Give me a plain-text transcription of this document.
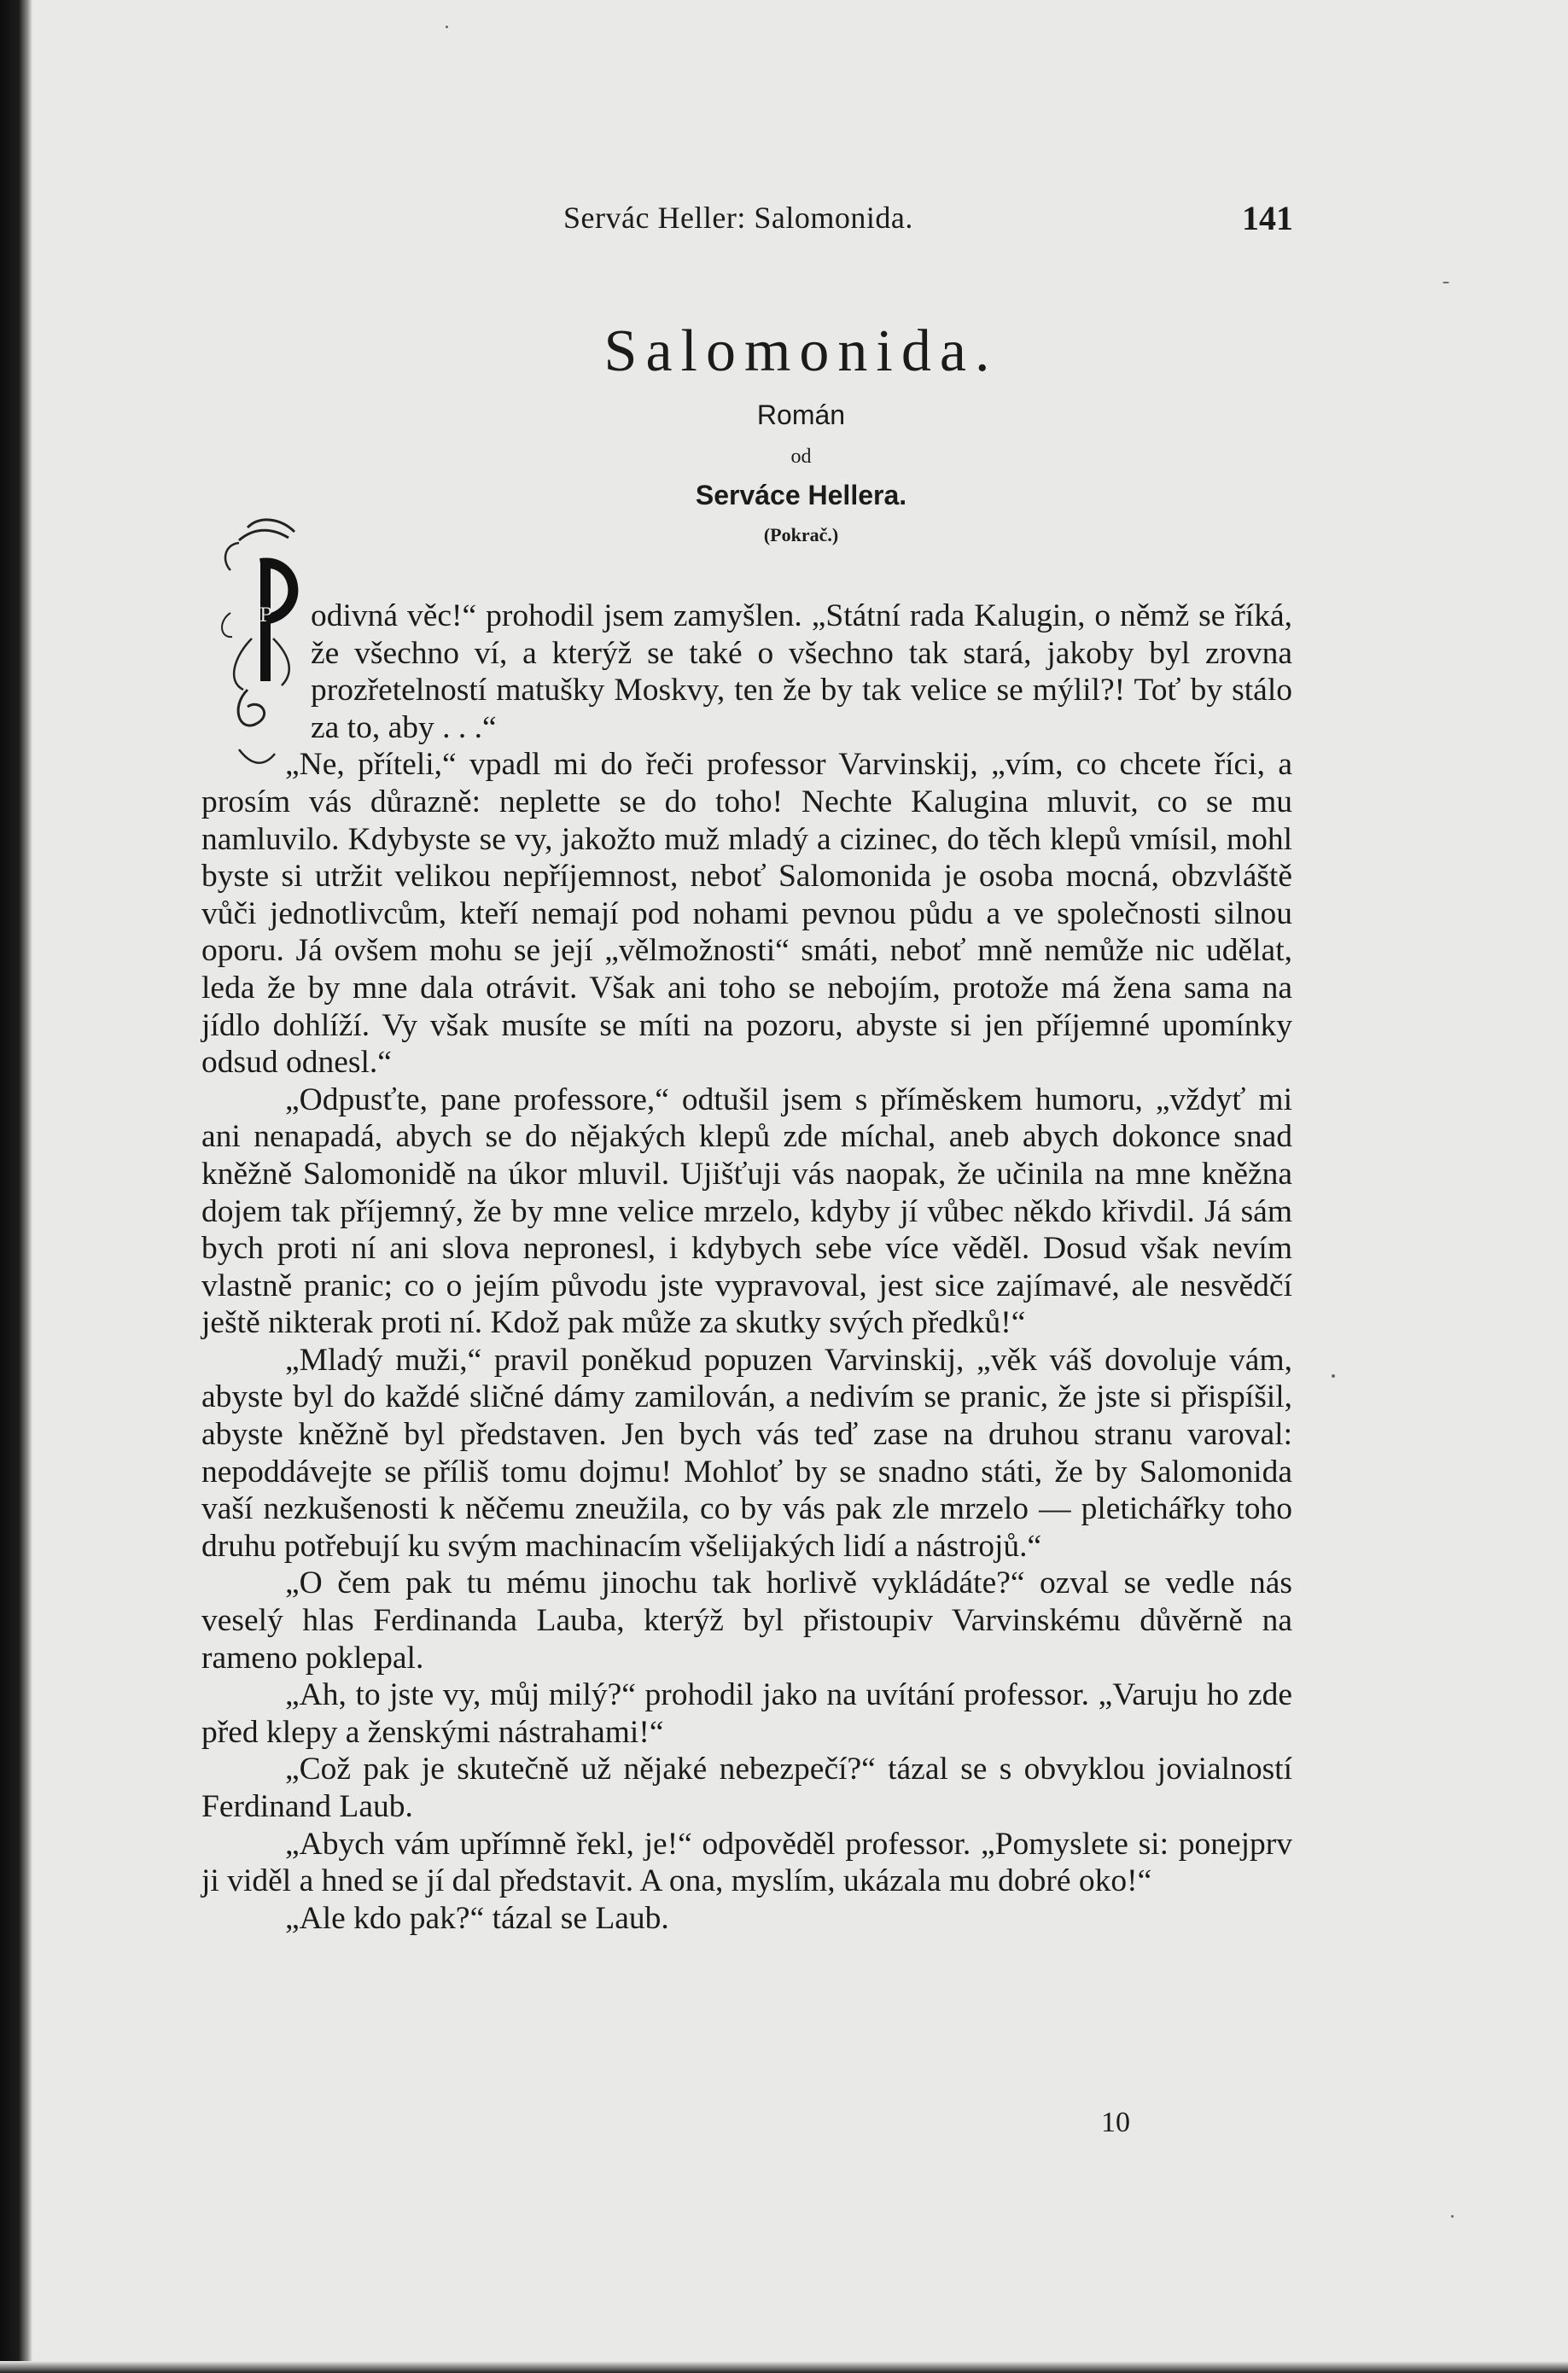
Servác Heller: Salomonida.	141
Salomonida.
Román
od
Serváce Hellera.
(Pokrač.)
P	odivná věc!“ prohodil jsem zamyšlen. „Státní rada Kalugin, o němž se říká, že všechno ví, a kterýž se také o všechno tak stará, jakoby byl zrovna prozřetelností matušky Moskvy, ten že by tak velice se mýlil?! Toť by stálo za to, aby . . .“

„Ne, příteli,“ vpadl mi do řeči professor Varvinskij, „vím, co chcete říci, a prosím vás důrazně: neplette se do toho! Nechte Kalugina mluvit, co se mu namluvilo. Kdybyste se vy, jakožto muž mladý a cizinec, do těch klepů vmísil, mohl byste si utržit velikou nepříjemnost, neboť Salomonida je osoba mocná, obzvláště vůči jednotlivcům, kteří nemají pod nohami pevnou půdu a ve společnosti silnou oporu. Já ovšem mohu se její „vělmožnosti“ smáti, neboť mně nemůže nic udělat, leda že by mne dala otrávit. Však ani toho se nebojím, protože má žena sama na jídlo dohlíží. Vy však musíte se míti na pozoru, abyste si jen příjemné upomínky odsud odnesl.“

„Odpusťte, pane professore,“ odtušil jsem s příměskem humoru, „vždyť mi ani nenapadá, abych se do nějakých klepů zde míchal, aneb abych dokonce snad kněžně Salomonidě na úkor mluvil. Ujišťuji vás naopak, že učinila na mne kněžna dojem tak příjemný, že by mne velice mrzelo, kdyby jí vůbec někdo křivdil. Já sám bych proti ní ani slova nepronesl, i kdybych sebe více věděl. Dosud však nevím vlastně pranic; co o jejím původu jste vypravoval, jest sice zajímavé, ale nesvědčí ještě nikterak proti ní. Kdož pak může za skutky svých předků!“

„Mladý muži,“ pravil poněkud popuzen Varvinskij, „věk váš dovoluje vám, abyste byl do každé sličné dámy zamilován, a nedivím se pranic, že jste si přispíšil, abyste kněžně byl představen. Jen bych vás teď zase na druhou stranu varoval: nepoddávejte se příliš tomu dojmu! Mohloť by se snadno státi, že by Salomonida vaší nezkušenosti k něčemu zneužila, co by vás pak zle mrzelo — pletichářky toho druhu potřebují ku svým machinacím všelijakých lidí a nástrojů.“

„O čem pak tu mému jinochu tak horlivě vykládáte?“ ozval se vedle nás veselý hlas Ferdinanda Lauba, kterýž byl přistoupiv Varvinskému důvěrně na rameno poklepal.

„Ah, to jste vy, můj milý?“ prohodil jako na uvítání professor. „Varuju ho zde před klepy a ženskými nástrahami!“

„Což pak je skutečně už nějaké nebezpečí?“ tázal se s obvyklou jovialností Ferdinand Laub.

„Abych vám upřímně řekl, je!“ odpověděl professor. „Pomyslete si: ponejprv ji viděl a hned se jí dal představit. A ona, myslím, ukázala mu dobré oko!“

„Ale kdo pak?“ tázal se Laub.

10
